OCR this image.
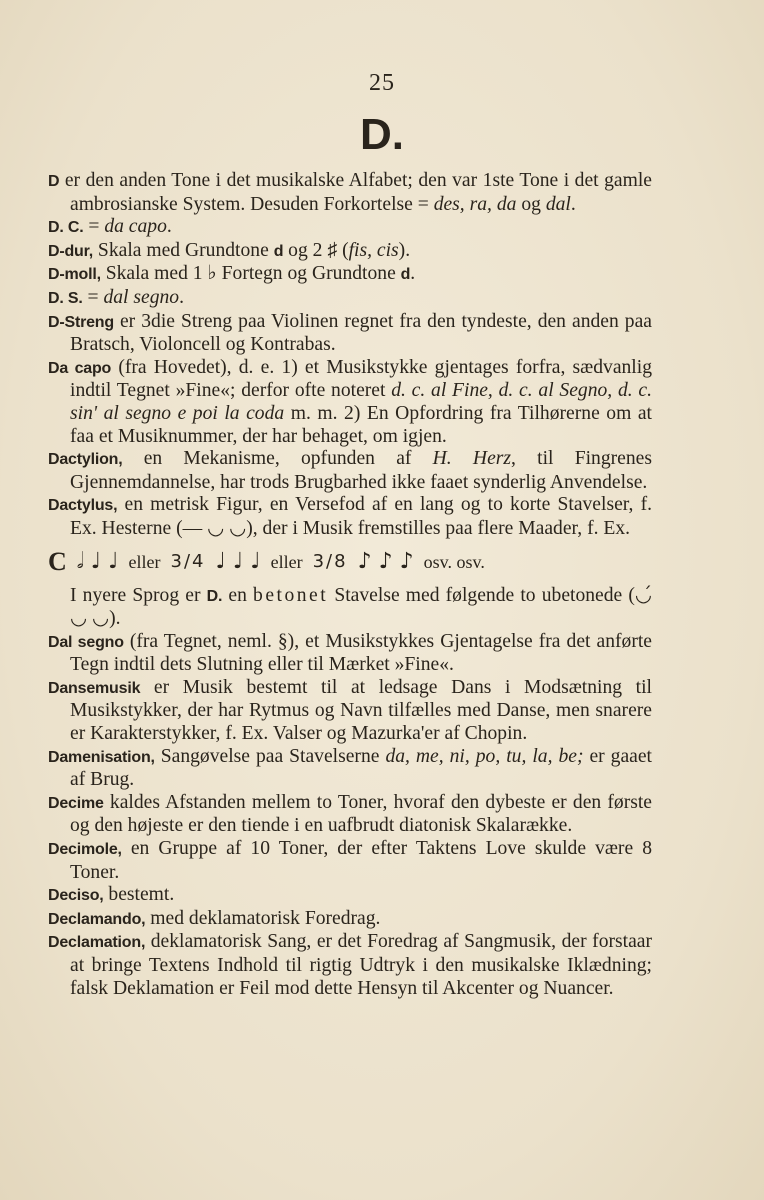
25
D.

D er den anden Tone i det musikalske Alfabet; den var 1ste Tone i det gamle ambrosianske System. Desuden Forkortelse = des, ra, da og dal.

D. C. = da capo.

D-dur, Skala med Grundtone d og 2 ♯ (fis, cis).

D-moll, Skala med 1 ♭ Fortegn og Grundtone d.

D. S. = dal segno.

D-Streng er 3die Streng paa Violinen regnet fra den tyndeste, den anden paa Bratsch, Violoncell og Kontrabas.

Da capo (fra Hovedet), d. e. 1) et Musikstykke gjentages forfra, sædvanlig indtil Tegnet »Fine«; derfor ofte noteret d. c. al Fine, d. c. al Segno, d. c. sin' al segno e poi la coda m. m. 2) En Opfordring fra Tilhørerne om at faa et Musiknummer, der har behaget, om igjen.

Dactylion, en Mekanisme, opfunden af H. Herz, til Fingrenes Gjennemdannelse, har trods Brugbarhed ikke faaet synderlig Anvendelse.

Dactylus, en metrisk Figur, en Versefod af en lang og to korte Stavelser, f. Ex. Hesterne (— ◡ ◡), der i Musik fremstilles paa flere Maader, f. Ex.

C 𝅗𝅥 ♩ ♩ eller 3/4 ♩ ♩ ♩ eller 3/8 ♪ ♪ ♪ osv. osv.

I nyere Sprog er D. en betonet Stavelse med følgende to ubetonede (◡́ ◡ ◡).

Dal segno (fra Tegnet, neml. §), et Musikstykkes Gjentagelse fra det anførte Tegn indtil dets Slutning eller til Mærket »Fine«.

Dansemusik er Musik bestemt til at ledsage Dans i Modsætning til Musikstykker, der har Rytmus og Navn tilfælles med Danse, men snarere er Karakterstykker, f. Ex. Valser og Mazurka'er af Chopin.

Damenisation, Sangøvelse paa Stavelserne da, me, ni, po, tu, la, be; er gaaet af Brug.

Decime kaldes Afstanden mellem to Toner, hvoraf den dybeste er den første og den højeste er den tiende i en uafbrudt diatonisk Skalarække.

Decimole, en Gruppe af 10 Toner, der efter Taktens Love skulde være 8 Toner.

Deciso, bestemt.

Declamando, med deklamatorisk Foredrag.

Declamation, deklamatorisk Sang, er det Foredrag af Sangmusik, der forstaar at bringe Textens Indhold til rigtig Udtryk i den musikalske Iklædning; falsk Deklamation er Feil mod dette Hensyn til Akcenter og Nuancer.
